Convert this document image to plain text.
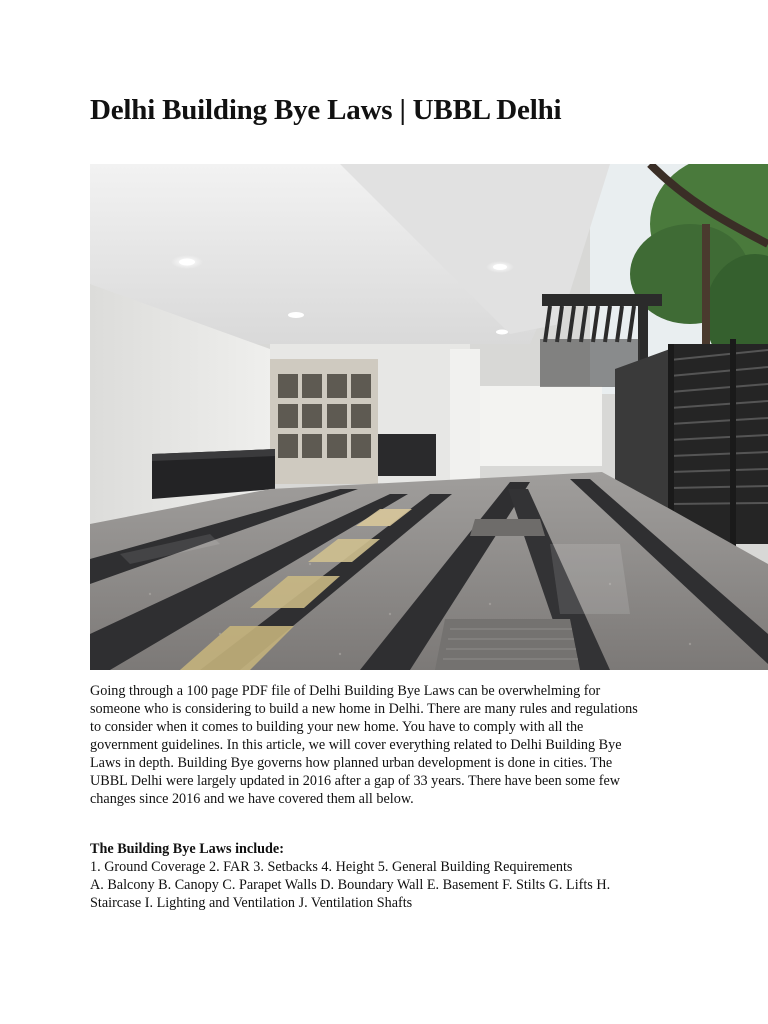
Delhi Building Bye Laws | UBBL Delhi

Going through a 100 page PDF file of Delhi Building Bye Laws can be overwhelming for
someone who is considering to build a new home in Delhi. There are many rules and regulations
to consider when it comes to building your new home. You have to comply with all the
government guidelines. In this article, we will cover everything related to Delhi Building Bye
Laws in depth. Building Bye governs how planned urban development is done in cities. The
UBBL Delhi were largely updated in 2016 after a gap of 33 years. There have been some few
changes since 2016 and we have covered them all below.

The Building Bye Laws include:
1. Ground Coverage 2. FAR 3. Setbacks 4. Height 5. General Building Requirements
A. Balcony B. Canopy C. Parapet Walls D. Boundary Wall E. Basement F. Stilts G. Lifts H.
Staircase I. Lighting and Ventilation J. Ventilation Shafts
